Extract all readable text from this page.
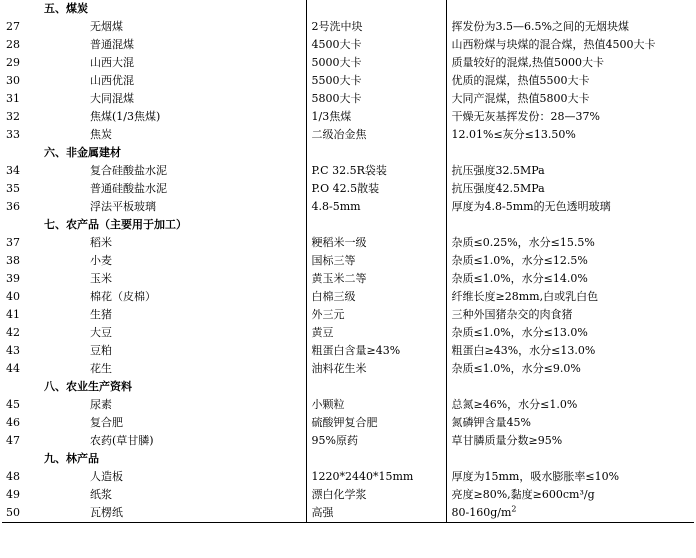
	五、煤炭		
27	无烟煤	2号洗中块	挥发份为3.5—6.5%之间的无烟块煤
28	普通混煤	4500大卡	山西粉煤与块煤的混合煤，热值4500大卡
29	山西大混	5000大卡	质量较好的混煤,热值5000大卡
30	山西优混	5500大卡	优质的混煤，热值5500大卡
31	大同混煤	5800大卡	大同产混煤，热值5800大卡
32	焦煤(1/3焦煤)	1/3焦煤	干燥无灰基挥发份：28—37%
33	焦炭	二级冶金焦	12.01%≤灰分≤13.50%
	六、非金属建材		
34	复合硅酸盐水泥	P.C 32.5R袋装	抗压强度32.5MPa
35	普通硅酸盐水泥	P.O 42.5散装	抗压强度42.5MPa
36	浮法平板玻璃	4.8-5mm	厚度为4.8-5mm的无色透明玻璃
	七、农产品（主要用于加工）		
37	稻米	粳稻米一级	杂质≤0.25%，水分≤15.5%
38	小麦	国标三等	杂质≤1.0%，水分≤12.5%
39	玉米	黄玉米二等	杂质≤1.0%，水分≤14.0%
40	棉花（皮棉）	白棉三级	纤维长度≥28mm,白或乳白色
41	生猪	外三元	三种外国猪杂交的肉食猪
42	大豆	黄豆	杂质≤1.0%，水分≤13.0%
43	豆粕	粗蛋白含量≥43%	粗蛋白≥43%，水分≤13.0%
44	花生	油料花生米	杂质≤1.0%，水分≤9.0%
	八、农业生产资料		
45	尿素	小颗粒	总氮≥46%，水分≤1.0%
46	复合肥	硫酸钾复合肥	氮磷钾含量45%
47	农药(草甘膦)	95%原药	草甘膦质量分数≥95%
	九、林产品		
48	人造板	1220*2440*15mm	厚度为15mm，吸水膨胀率≤10%
49	纸浆	漂白化学浆	亮度≥80%,黏度≥600cm³/g
50	瓦楞纸	高强	$80-160g/m^2$
